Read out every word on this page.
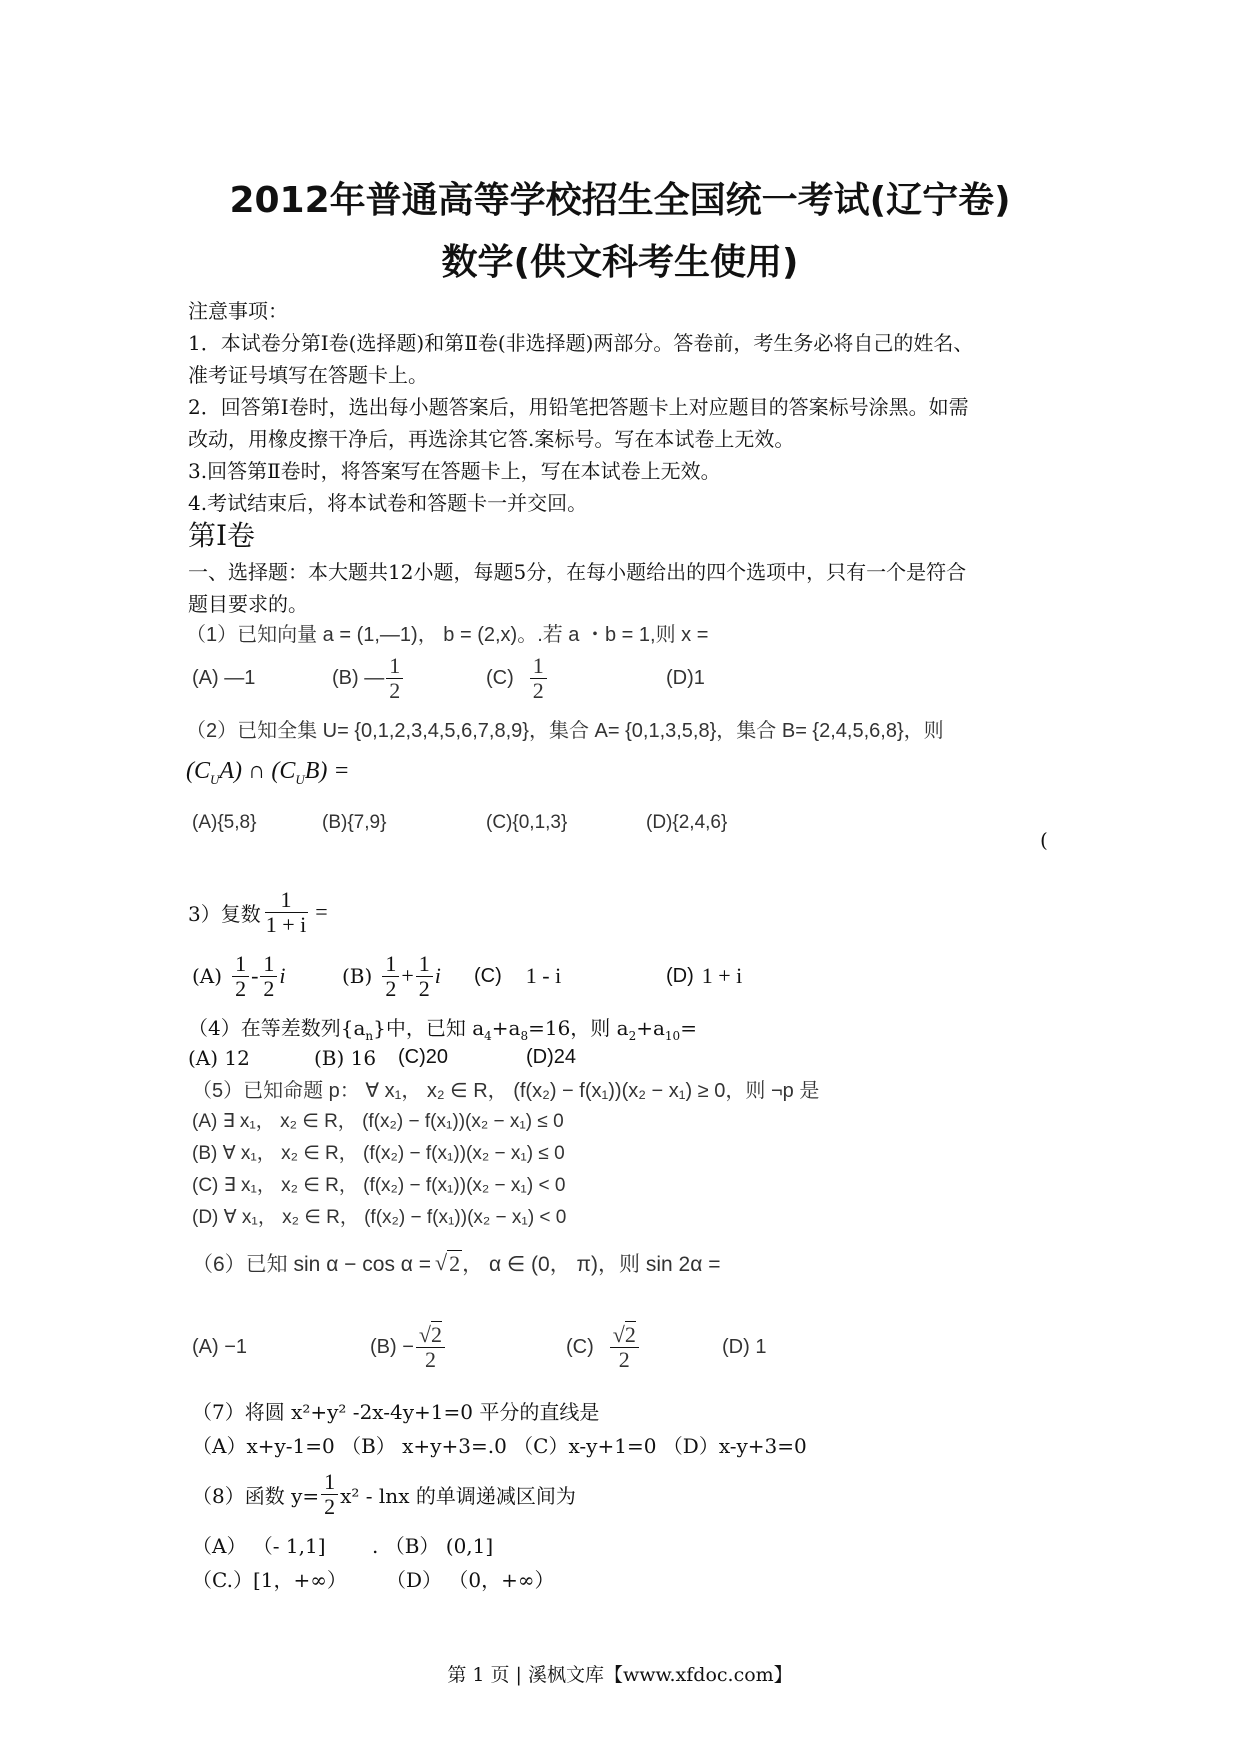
2012年普通高等学校招生全国统一考试(辽宁卷)
数学(供文科考生使用)
注意事项：
1．本试卷分第Ⅰ卷(选择题)和第Ⅱ卷(非选择题)两部分。答卷前，考生务必将自己的姓名、
准考证号填写在答题卡上。
2．回答第Ⅰ卷时，选出每小题答案后，用铅笔把答题卡上对应题目的答案标号涂黑。如需
改动，用橡皮擦干净后，再选涂其它答.案标号。写在本试卷上无效。
3.回答第Ⅱ卷时，将答案写在答题卡上，写在本试卷上无效。
4.考试结束后，将本试卷和答题卡一并交回。
第Ⅰ卷
一、选择题：本大题共12小题，每题5分，在每小题给出的四个选项中，只有一个是符合
题目要求的。
（1）已知向量 a = (1,—1)， b = (2,x)。.若 a ・b = 1,则 x =
(A) —1	(B) — $\frac{1}{2}$	$(C) \frac{1}{2}$	(D)1
（2）已知全集 U= {0,1,2,3,4,5,6,7,8,9}，集合 A= {0,1,3,5,8}，集合 B= {2,4,5,6,8}，则
$(C_UA)$ ∩ $(C_UB)$ =
(A){5,8}	(B){7,9}	(C){0,1,3}	(D){2,4,6}
(
3）复数 $\frac{1}{1 + i}$ =
$(A) \frac{1}{2} - \frac{1}{2}$ i	$(B) \frac{1}{2} + \frac{1}{2}$ i (C) 1 - i	(D) 1 + i
（4）在等差数列$\{a_n\}$中，已知 $a_4+a_8=16$，则 $a_2+a_{10}=$
(A) 12	(B) 16 (C)20	(D)24
（5）已知命题 p： ∀ x₁， x₂ ∈ R， (f(x₂) − f(x₁))(x₂ − x₁) ≥ 0，则 ¬p 是
(A) ∃ x₁， x₂ ∈ R， (f(x₂) − f(x₁))(x₂ − x₁) ≤ 0
(B) ∀ x₁， x₂ ∈ R， (f(x₂) − f(x₁))(x₂ − x₁) ≤ 0
(C) ∃ x₁， x₂ ∈ R， (f(x₂) − f(x₁))(x₂ − x₁) < 0
(D) ∀ x₁， x₂ ∈ R， (f(x₂) − f(x₁))(x₂ − x₁) < 0
（6）已知 sin α − cos α = √ 2 ， α ∈ (0， π)，则 sin 2α =
(A) −1	$(B) - \frac{√2}{2}$	$(C) \frac{√2}{2}$	(D) 1
（7）将圆 x²+y² -2x-4y+1=0 平分的直线是
（A）x+y-1=0 （B） x+y+3=.0 （C）x-y+1=0 （D）x-y+3=0
（8）函数 $y= \frac{1}{2} x^2 - \ln x$ 的单调递减区间为
（A） （- 1,1] . （B） (0,1]
（C.）[1，+∞） （D） （0，+∞）
第 1 页 | 溪枫文库【www.xfdoc.com】
